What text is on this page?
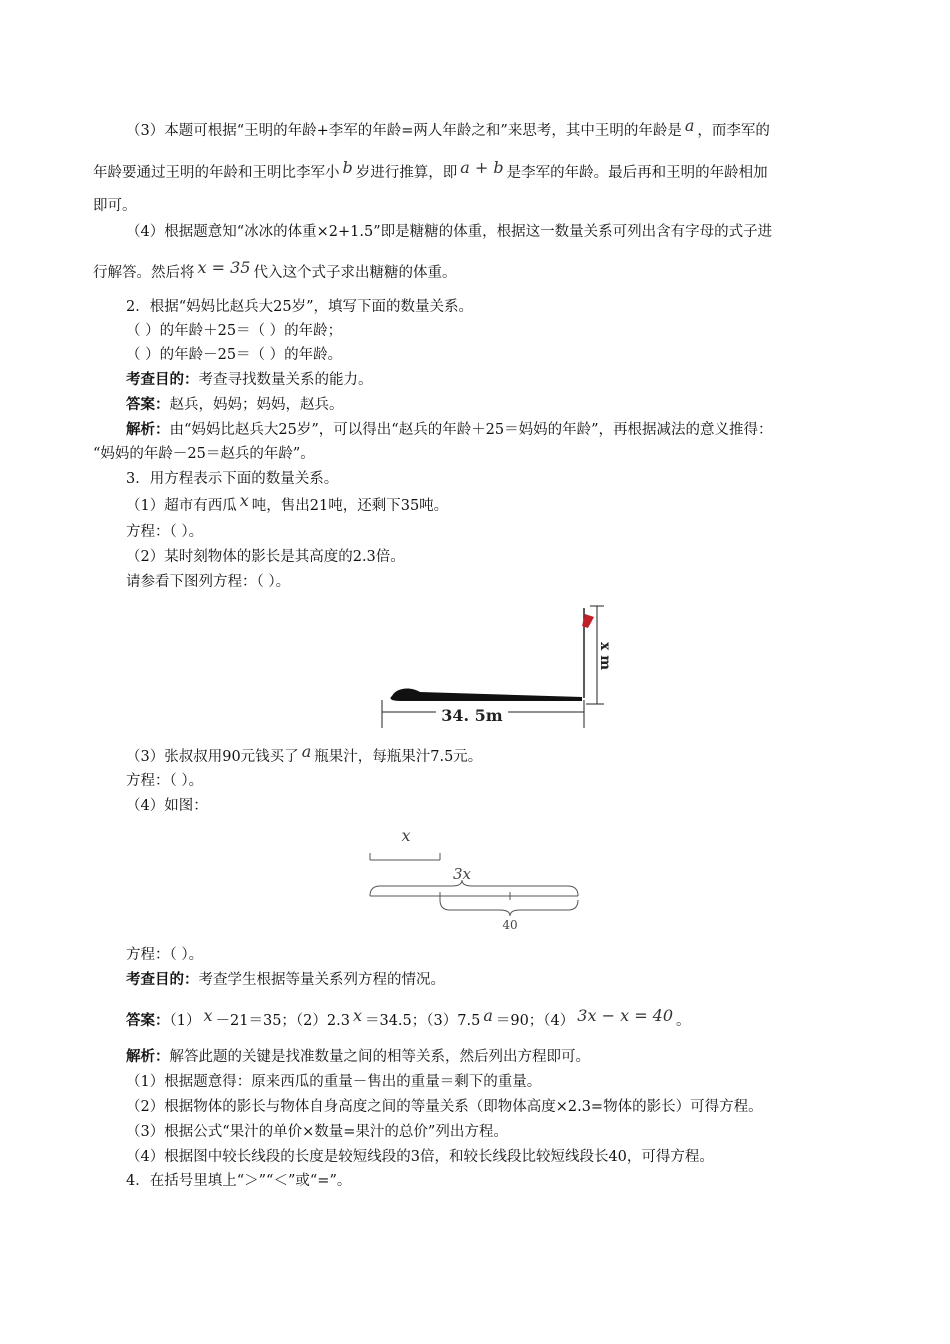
（3）本题可根据“王明的年龄+李军的年龄=两人年龄之和”来思考，其中王明的年龄是 a ，而李军的
年龄要通过王明的年龄和王明比李军小 b 岁进行推算，即 a + b 是李军的年龄。最后再和王明的年龄相加
即可。
（4）根据题意知“冰冰的体重×2+1.5”即是糖糖的体重，根据这一数量关系可列出含有字母的式子进
行解答。然后将 x = 35 代入这个式子求出糖糖的体重。
2．根据“妈妈比赵兵大25岁”，填写下面的数量关系。
（ ）的年龄＋25＝（ ）的年龄；
（ ）的年龄－25＝（ ）的年龄。
考查目的：考查寻找数量关系的能力。
答案：赵兵，妈妈；妈妈，赵兵。
解析：由“妈妈比赵兵大25岁”，可以得出“赵兵的年龄＋25＝妈妈的年龄”，再根据减法的意义推得：
“妈妈的年龄－25＝赵兵的年龄”。
3．用方程表示下面的数量关系。
（1）超市有西瓜 x 吨，售出21吨，还剩下35吨。
方程：（ ）。
（2）某时刻物体的影长是其高度的2.3倍。
请参看下图列方程：（ ）。
x m
34. 5m
（3）张叔叔用90元钱买了 a 瓶果汁，每瓶果汁7.5元。
方程：（ ）。
（4）如图：
x
3x
40
方程：（ ）。
考查目的：考查学生根据等量关系列方程的情况。
答案：（1） x －21＝35；（2）2.3 x ＝34.5；（3）7.5 a ＝90；（4） 3x − x = 40 。
解析：解答此题的关键是找准数量之间的相等关系，然后列出方程即可。
（1）根据题意得：原来西瓜的重量－售出的重量＝剩下的重量。
（2）根据物体的影长与物体自身高度之间的等量关系（即物体高度×2.3=物体的影长）可得方程。
（3）根据公式“果汁的单价×数量=果汁的总价”列出方程。
（4）根据图中较长线段的长度是较短线段的3倍，和较长线段比较短线段长40，可得方程。
4．在括号里填上“＞”“＜”或“=”。
